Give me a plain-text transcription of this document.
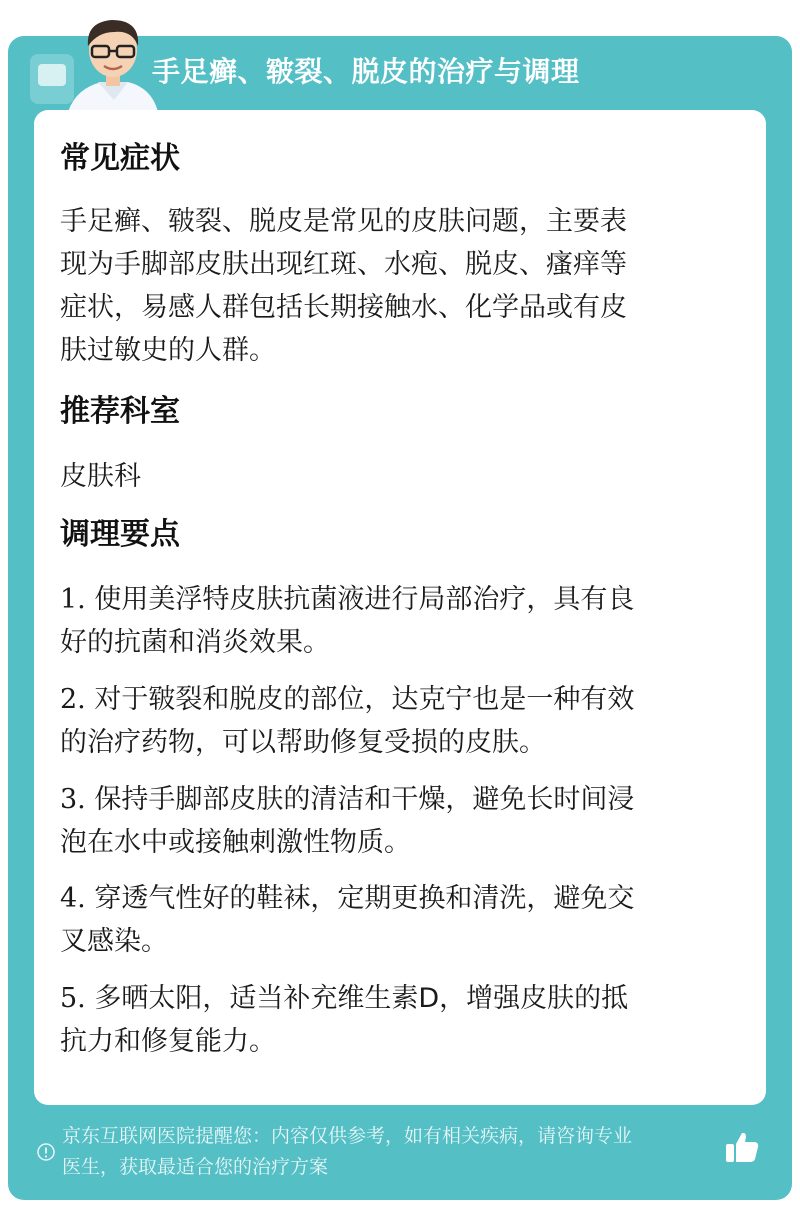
手足癣、皲裂、脱皮的治疗与调理
常见症状
手足癣、皲裂、脱皮是常见的皮肤问题，主要表
现为手脚部皮肤出现红斑、水疱、脱皮、瘙痒等
症状，易感人群包括长期接触水、化学品或有皮
肤过敏史的人群。
推荐科室
皮肤科
调理要点
1. 使用美浮特皮肤抗菌液进行局部治疗，具有良
好的抗菌和消炎效果。
2. 对于皲裂和脱皮的部位，达克宁也是一种有效
的治疗药物，可以帮助修复受损的皮肤。
3. 保持手脚部皮肤的清洁和干燥，避免长时间浸
泡在水中或接触刺激性物质。
4. 穿透气性好的鞋袜，定期更换和清洗，避免交
叉感染。
5. 多晒太阳，适当补充维生素D，增强皮肤的抵
抗力和修复能力。
京东互联网医院提醒您：内容仅供参考，如有相关疾病，请咨询专业
医生，获取最适合您的治疗方案
